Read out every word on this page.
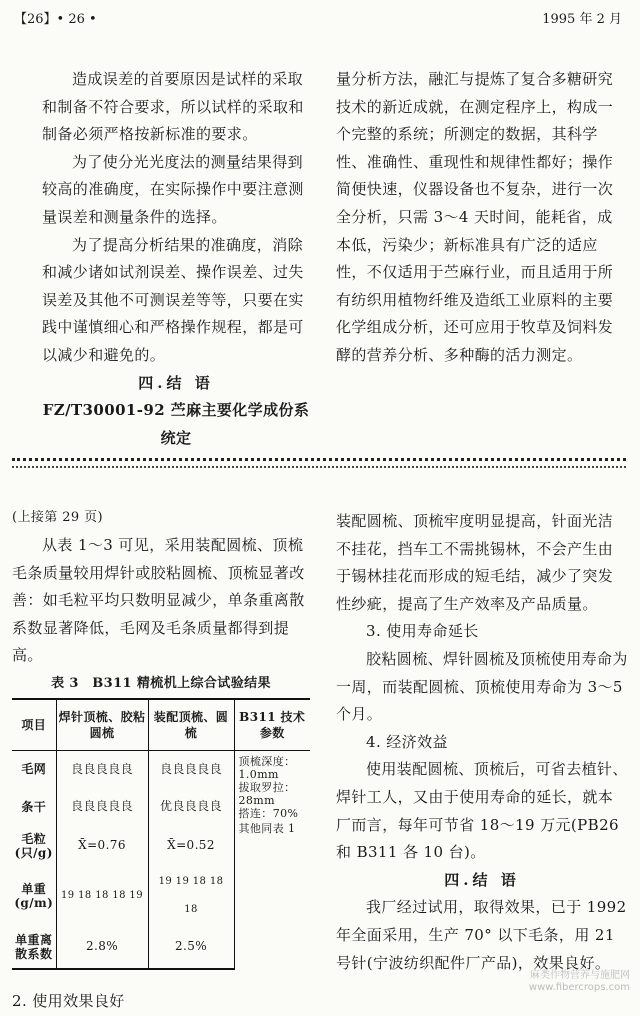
【26】• 26 •	1995 年 2 月

造成误差的首要原因是试样的采取和制备不符合要求，所以试样的采取和制备必须严格按新标准的要求。

为了使分光光度法的测量结果得到较高的准确度，在实际操作中要注意测量误差和测量条件的选择。

为了提高分析结果的准确度，消除和减少诸如试剂误差、操作误差、过失误差及其他不可测误差等等，只要在实践中谨慎细心和严格操作规程，都是可以减少和避免的。

四.结 语

FZ/T30001-92 苎麻主要化学成份系统定

量分析方法，融汇与提炼了复合多糖研究技术的新近成就，在测定程序上，构成一个完整的系统；所测定的数据，其科学性、准确性、重现性和规律性都好；操作简便快速，仪器设备也不复杂，进行一次全分析，只需 3～4 天时间，能耗省，成本低，污染少；新标准具有广泛的适应性，不仅适用于苎麻行业，而且适用于所有纺织用植物纤维及造纸工业原料的主要化学组成分析，还可应用于牧草及饲料发酵的营养分析、多种酶的活力测定。

(上接第 29 页)

从表 1～3 可见，采用装配圆梳、顶梳毛条质量较用焊针或胶粘圆梳、顶梳显著改善：如毛粒平均只数明显减少，单条重离散系数显著降低，毛网及毛条质量都得到提高。

表 3　B311 精梳机上综合试验结果

项目	焊针顶梳、胶粘圆梳	装配顶梳、圆梳	B311 技术参数
毛网	良良良良良	良良良良良	顶梳深度：1.0mm
拔取罗拉：28mm
搭连：70%
其他同表 1

条干	良良良良良	优良良良良	
毛粒(只/g)	X̄=0.76	X̄=0.52	
单重(g/m)	19 18 18 18 19	19 19 18 18 18	
单重离散系数	2.8%	2.5%	

2. 使用效果良好

装配圆梳、顶梳牢度明显提高，针面光洁不挂花，挡车工不需挑锡林，不会产生由于锡林挂花而形成的短毛结，减少了突发性纱疵，提高了生产效率及产品质量。

3. 使用寿命延长

胶粘圆梳、焊针圆梳及顶梳使用寿命为一周，而装配圆梳、顶梳使用寿命为 3～5 个月。

4. 经济效益

使用装配圆梳、顶梳后，可省去植针、焊针工人，又由于使用寿命的延长，就本厂而言，每年可节省 18～19 万元(PB26 和 B311 各 10 台)。

四.结 语

我厂经过试用，取得效果，已于 1992 年全面采用，生产 70° 以下毛条，用 21 号针(宁波纺织配件厂产品)，效果良好。

麻类作物营养与施肥网
www.fibercrops.com
